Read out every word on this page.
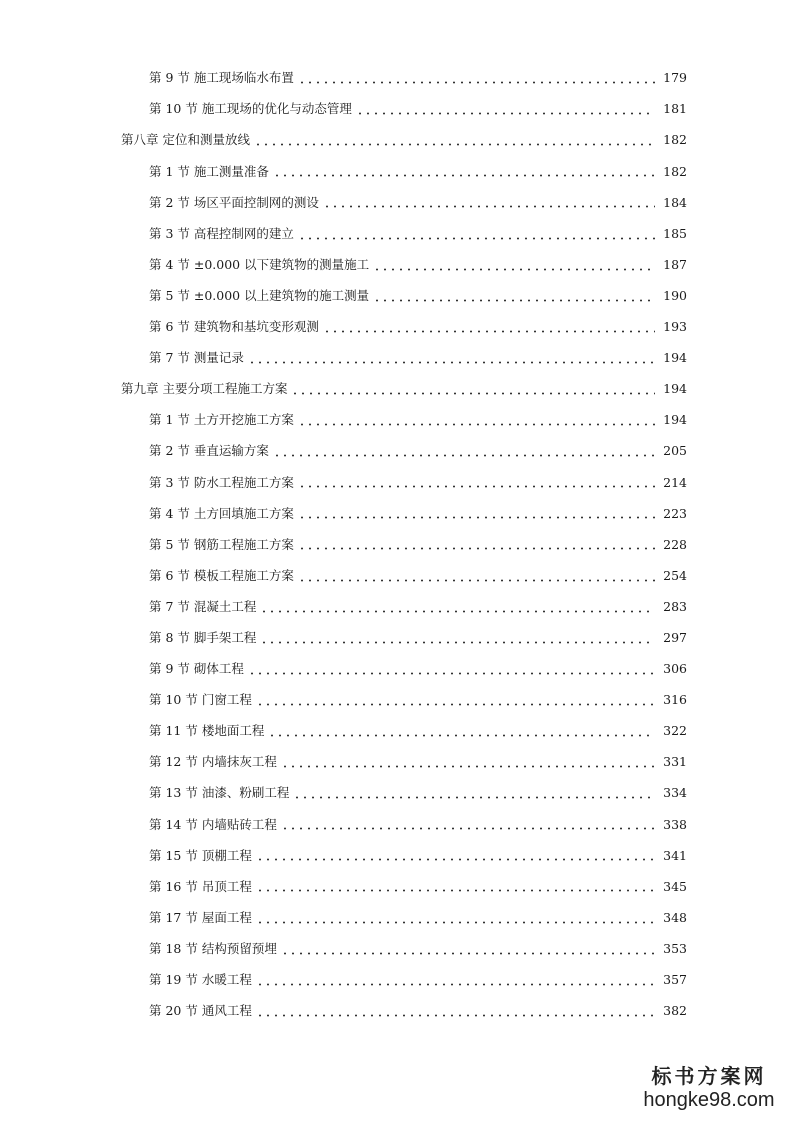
第 9 节 施工现场临水布置	179
第 10 节 施工现场的优化与动态管理	181
第八章 定位和测量放线	182
第 1 节 施工测量准备	182
第 2 节 场区平面控制网的测设	184
第 3 节 高程控制网的建立	185
第 4 节 ±0.000 以下建筑物的测量施工	187
第 5 节 ±0.000 以上建筑物的施工测量	190
第 6 节 建筑物和基坑变形观测	193
第 7 节 测量记录	194
第九章 主要分项工程施工方案	194
第 1 节 土方开挖施工方案	194
第 2 节 垂直运输方案	205
第 3 节 防水工程施工方案	214
第 4 节 土方回填施工方案	223
第 5 节 钢筋工程施工方案	228
第 6 节 模板工程施工方案	254
第 7 节 混凝土工程	283
第 8 节 脚手架工程	297
第 9 节 砌体工程	306
第 10 节 门窗工程	316
第 11 节 楼地面工程	322
第 12 节 内墙抹灰工程	331
第 13 节 油漆、粉刷工程	334
第 14 节 内墙贴砖工程	338
第 15 节 顶棚工程	341
第 16 节 吊顶工程	345
第 17 节 屋面工程	348
第 18 节 结构预留预埋	353
第 19 节 水暖工程	357
第 20 节 通风工程	382
标书方案网
hongke98.com
